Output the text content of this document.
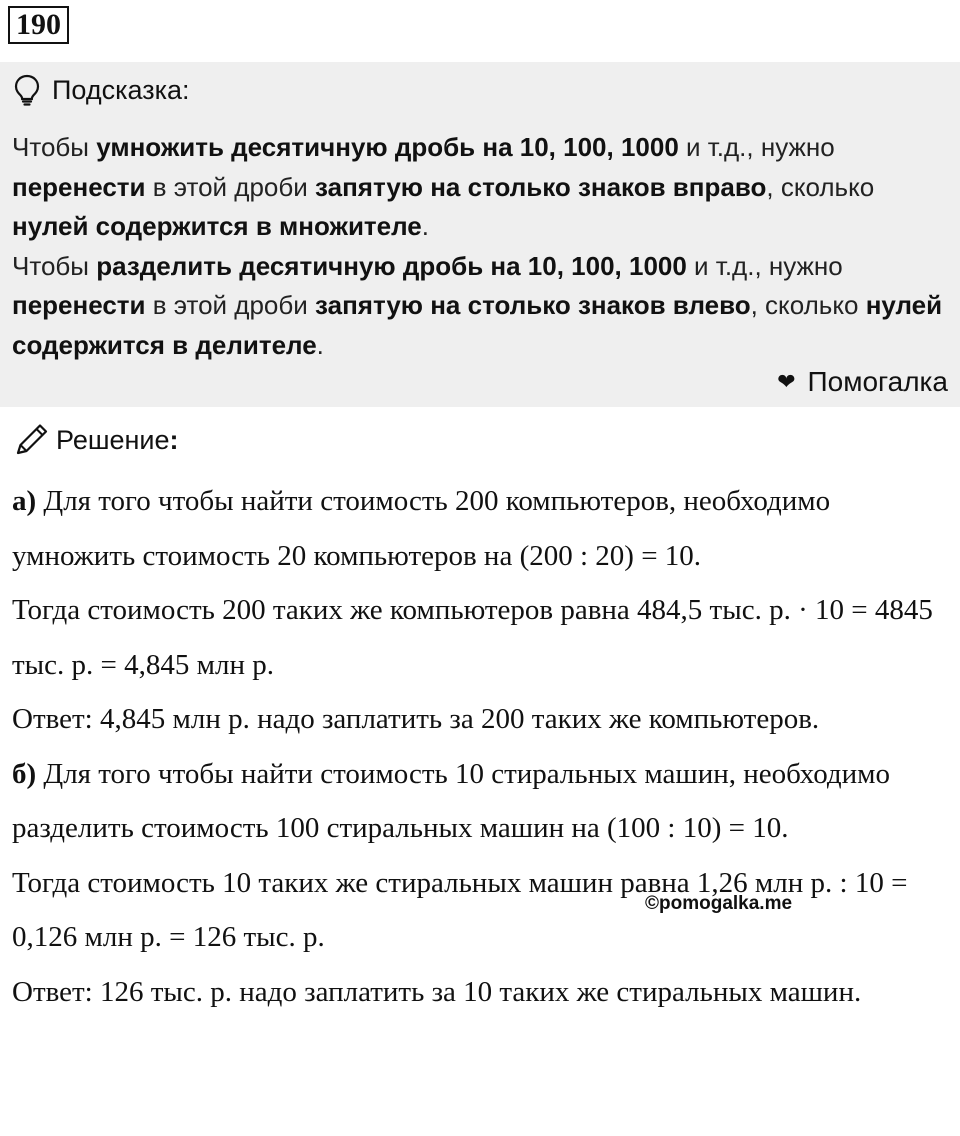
190
Подсказка:
Чтобы умножить десятичную дробь на 10, 100, 1000 и т.д., нужно перенести в этой дроби запятую на столько знаков вправо, сколько нулей содержится в множителе.
Чтобы разделить десятичную дробь на 10, 100, 1000 и т.д., нужно перенести в этой дроби запятую на столько знаков влево, сколько нулей содержится в делителе.
❤ Помогалка
Решение :

а) Для того чтобы найти стоимость 200 компьютеров, необходимо умножить стоимость 20 компьютеров на (200 : 20) = 10.

Тогда стоимость 200 таких же компьютеров равна 484,5 тыс. р. · 10 = 4845 тыс. р. = 4,845 млн р.

Ответ: 4,845 млн р. надо заплатить за 200 таких же компьютеров.

б) Для того чтобы найти стоимость 10 стиральных машин, необходимо разделить стоимость 100 стиральных машин на (100 : 10) = 10.

Тогда стоимость 10 таких же стиральных машин равна 1,26 млн р. : 10 = 0,126 млн р. = 126 тыс. р.

Ответ: 126 тыс. р. надо заплатить за 10 таких же стиральных машин.

©pomogalka.me
